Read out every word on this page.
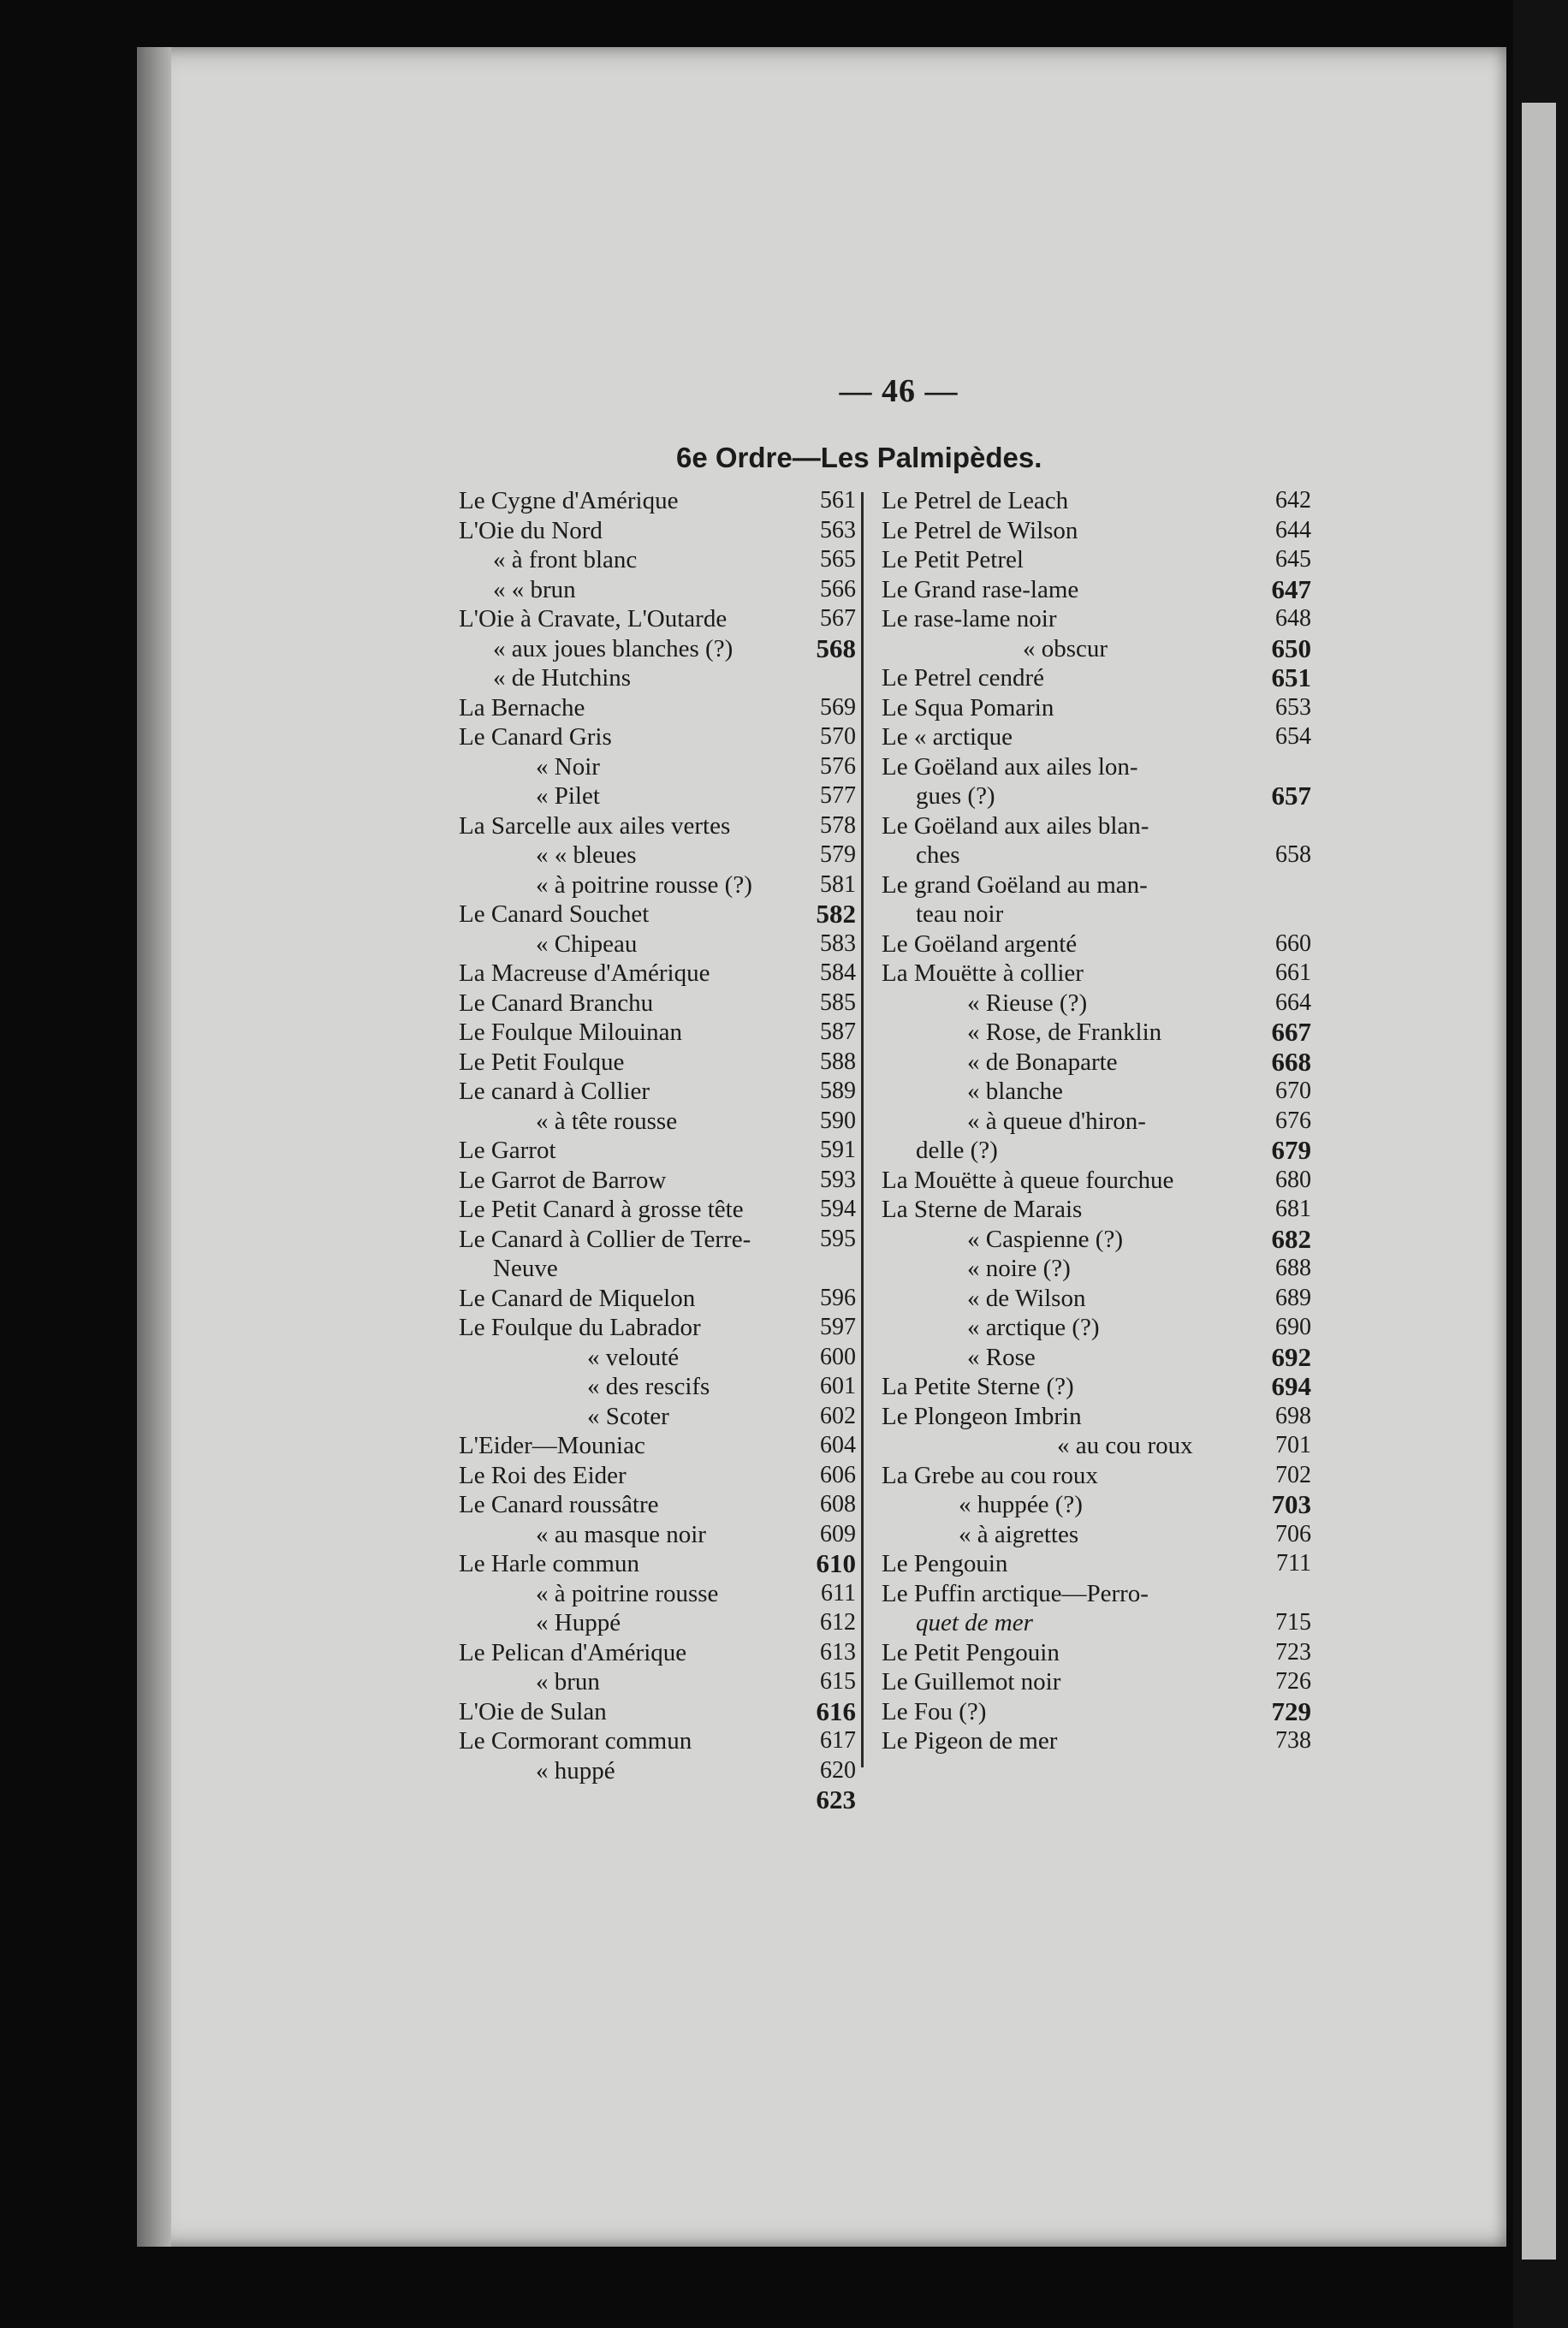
— 46 —
6e Ordre—Les Palmipèdes.
Le Cygne d'Amérique	561
L'Oie du Nord	563
« à front blanc	565
« « brun	566
L'Oie à Cravate, L'Outarde	567
« aux joues blanches (?)	568
« de Hutchins
La Bernache	569
Le Canard Gris	570
« Noir	576
« Pilet	577
La Sarcelle aux ailes vertes	578
« « bleues	579
« à poitrine rousse (?)	581
Le Canard Souchet	582
« Chipeau	583
La Macreuse d'Amérique	584
Le Canard Branchu	585
Le Foulque Milouinan	587
Le Petit Foulque	588
Le canard à Collier	589
« à tête rousse	590
Le Garrot	591
Le Garrot de Barrow	593
Le Petit Canard à grosse tête	594
Le Canard à Collier de Terre-	595
Neuve
Le Canard de Miquelon	596
Le Foulque du Labrador	597
« velouté	600
« des rescifs	601
« Scoter	602
L'Eider—Mouniac	604
Le Roi des Eider	606
Le Canard roussâtre	608
« au masque noir	609
Le Harle commun	610
« à poitrine rousse	611
« Huppé	612
Le Pelican d'Amérique	613
« brun	615
L'Oie de Sulan	616
Le Cormorant commun	617
« huppé	620
623
Le Petrel de Leach	642
Le Petrel de Wilson	644
Le Petit Petrel	645
Le Grand rase-lame	647
Le rase-lame noir	648
« obscur	650
Le Petrel cendré	651
Le Squa Pomarin	653
Le « arctique	654
Le Goëland aux ailes lon-
gues (?)	657
Le Goëland aux ailes blan-
ches	658
Le grand Goëland au man-
teau noir
Le Goëland argenté	660
La Mouëtte à collier	661
« Rieuse (?)	664
« Rose, de Franklin	667
« de Bonaparte	668
« blanche	670
« à queue d'hiron-	676
delle (?)	679
La Mouëtte à queue fourchue	680
La Sterne de Marais	681
« Caspienne (?)	682
« noire (?)	688
« de Wilson	689
« arctique (?)	690
« Rose	692
La Petite Sterne (?)	694
Le Plongeon Imbrin	698
« au cou roux	701
La Grebe au cou roux	702
« huppée (?)	703
« à aigrettes	706
Le Pengouin	711
Le Puffin arctique—Perro-
quet de mer	715
Le Petit Pengouin	723
Le Guillemot noir	726
Le Fou (?)	729
Le Pigeon de mer	738
